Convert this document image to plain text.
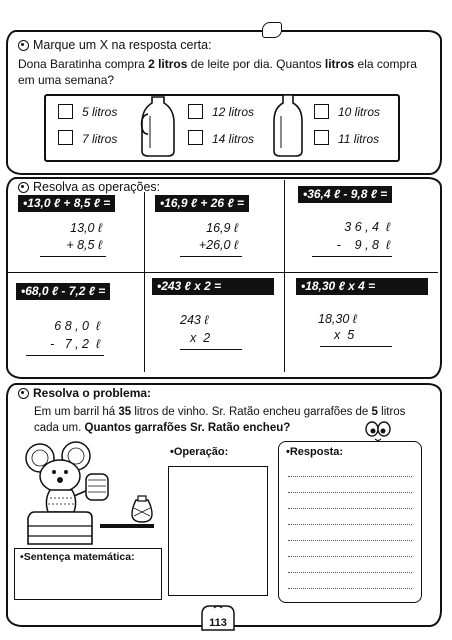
Marque um X na resposta certa:
Dona Baratinha compra 2 litros de leite por dia. Quantos litros ela compra em uma semana?
5 litros
7 litros
12 litros
14 litros
10 litros
11 litros
Resolva as operações:
• 13,0 ℓ + 8,5 ℓ =
13,0 ℓ
+ 8,5 ℓ
• 16,9 ℓ + 26 ℓ =
16,9 ℓ
+26,0 ℓ
• 36,4 ℓ - 9,8 ℓ =
3 6 , 4  ℓ
-    9 , 8  ℓ
• 68,0 ℓ - 7,2 ℓ =
6 8 , 0  ℓ
-   7 , 2  ℓ
• 243 ℓ x 2 =
243 ℓ
x  2
• 18,30 ℓ x 4 =
18,30 ℓ
x  5
Resolva o problema:
Em um barril há 35 litros de vinho. Sr. Ratão encheu garrafões de 5 litros cada um. Quantos garrafões Sr. Ratão encheu?
• Operação:
•	Resposta:
• Sentença matemática:
113
